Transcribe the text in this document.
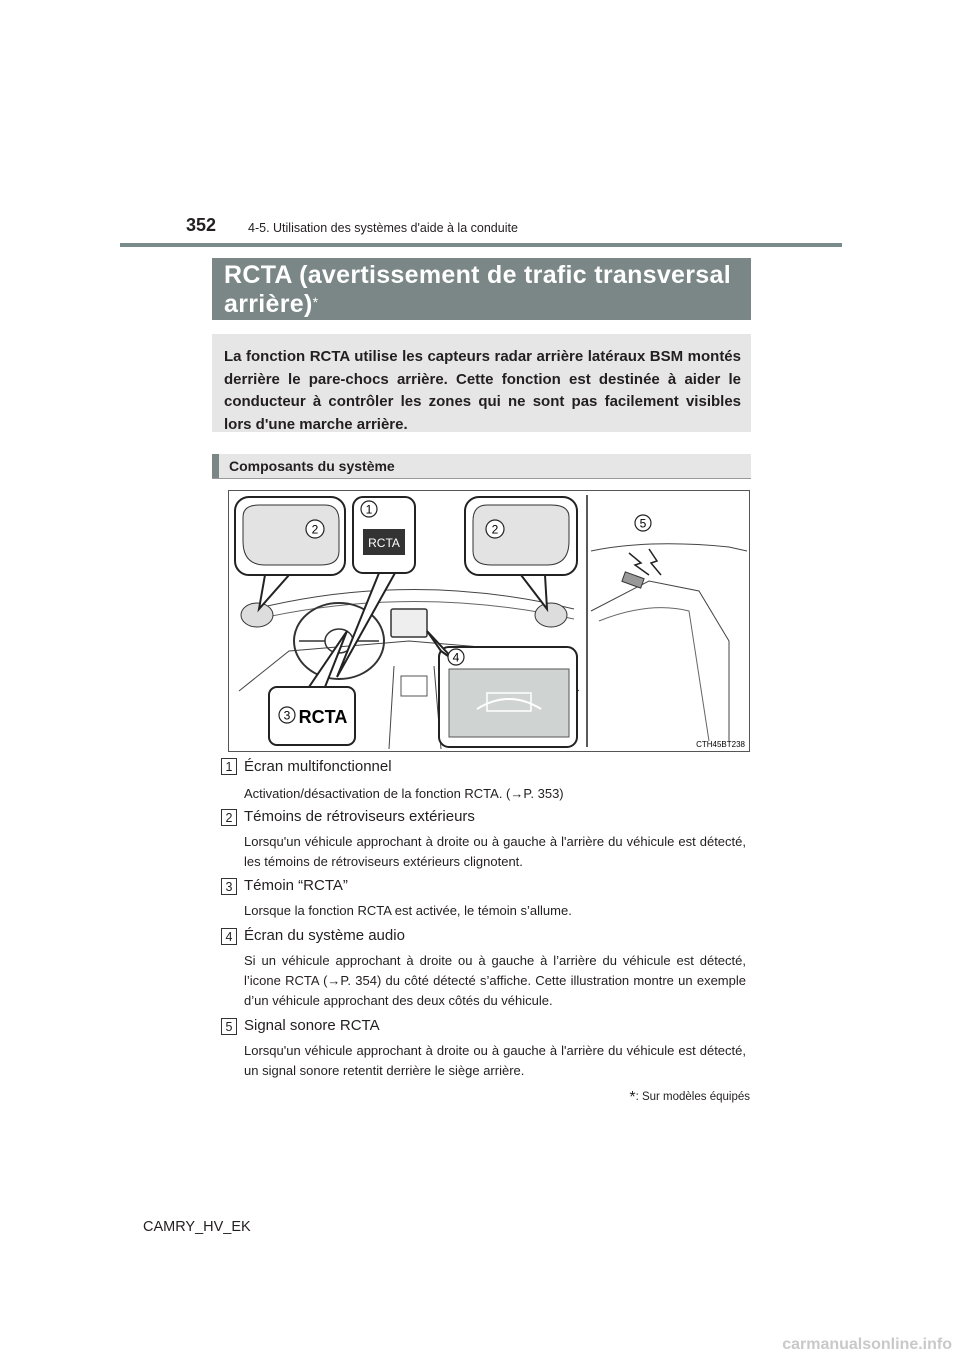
352	4-5. Utilisation des systèmes d'aide à la conduite
RCTA (avertissement de trafic transversal
arrière)*
La fonction RCTA utilise les capteurs radar arrière latéraux BSM montés derrière le pare-chocs arrière. Cette fonction est destinée à aider le conducteur à contrôler les zones qui ne sont pas facilement visibles lors d'une marche arrière.
Composants du système
2
RCTA
1
2
3 RCTA
4
5
CTH45BT238
1 Écran multifonctionnel
Activation/désactivation de la fonction RCTA. (→P. 353)
2 Témoins de rétroviseurs extérieurs
Lorsqu'un véhicule approchant à droite ou à gauche à l'arrière du véhicule est détecté, les témoins de rétroviseurs extérieurs clignotent.
3 Témoin “RCTA”
Lorsque la fonction RCTA est activée, le témoin s’allume.
4 Écran du système audio
Si un véhicule approchant à droite ou à gauche à l’arrière du véhicule est détecté, l’icone RCTA (→P. 354) du côté détecté s’affiche. Cette illustration montre un exemple d’un véhicule approchant des deux côtés du véhicule.
5 Signal sonore RCTA
Lorsqu'un véhicule approchant à droite ou à gauche à l'arrière du véhicule est détecté, un signal sonore retentit derrière le siège arrière.
*: Sur modèles équipés
CAMRY_HV_EK
carmanualsonline.info
